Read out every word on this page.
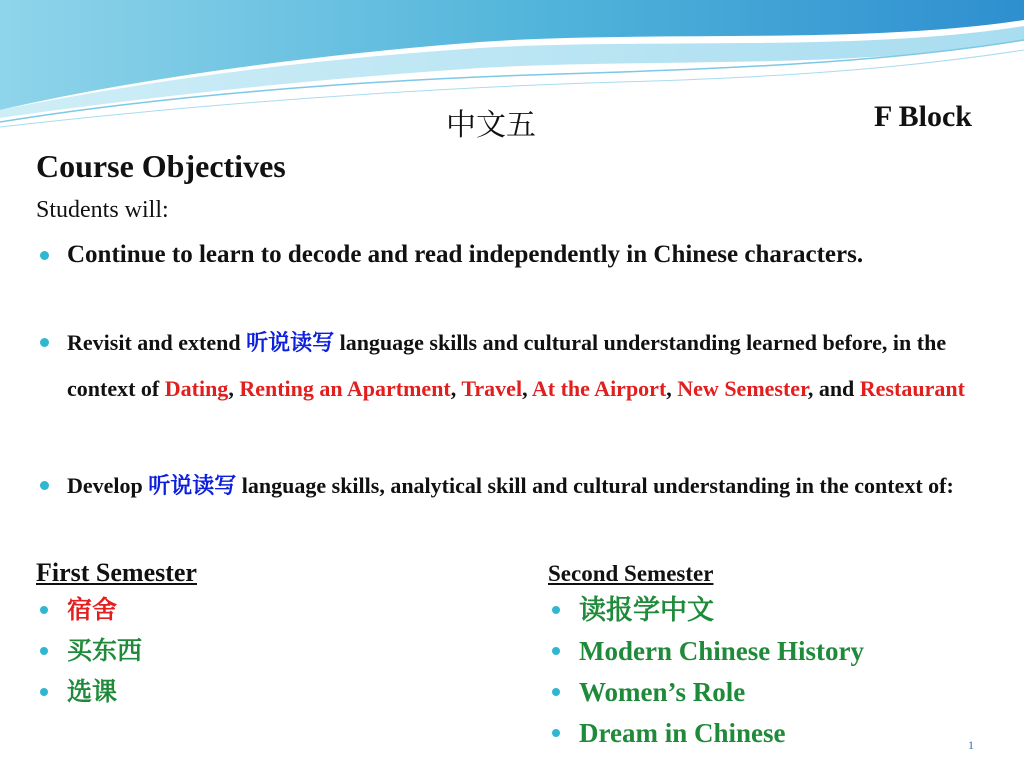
中文五	F Block
Course Objectives
Students will:
Continue to learn to decode and read independently in Chinese characters.
Revisit and extend 听说读写 language skills and cultural understanding learned before, in the context of Dating, Renting an Apartment, Travel, At the Airport, New Semester, and Restaurant
Develop 听说读写 language skills, analytical skill and cultural understanding in the context of:
First Semester
宿舍
买东西
选课
Second Semester
读报学中文
Modern Chinese History
Women’s Role
Dream in Chinese	1
